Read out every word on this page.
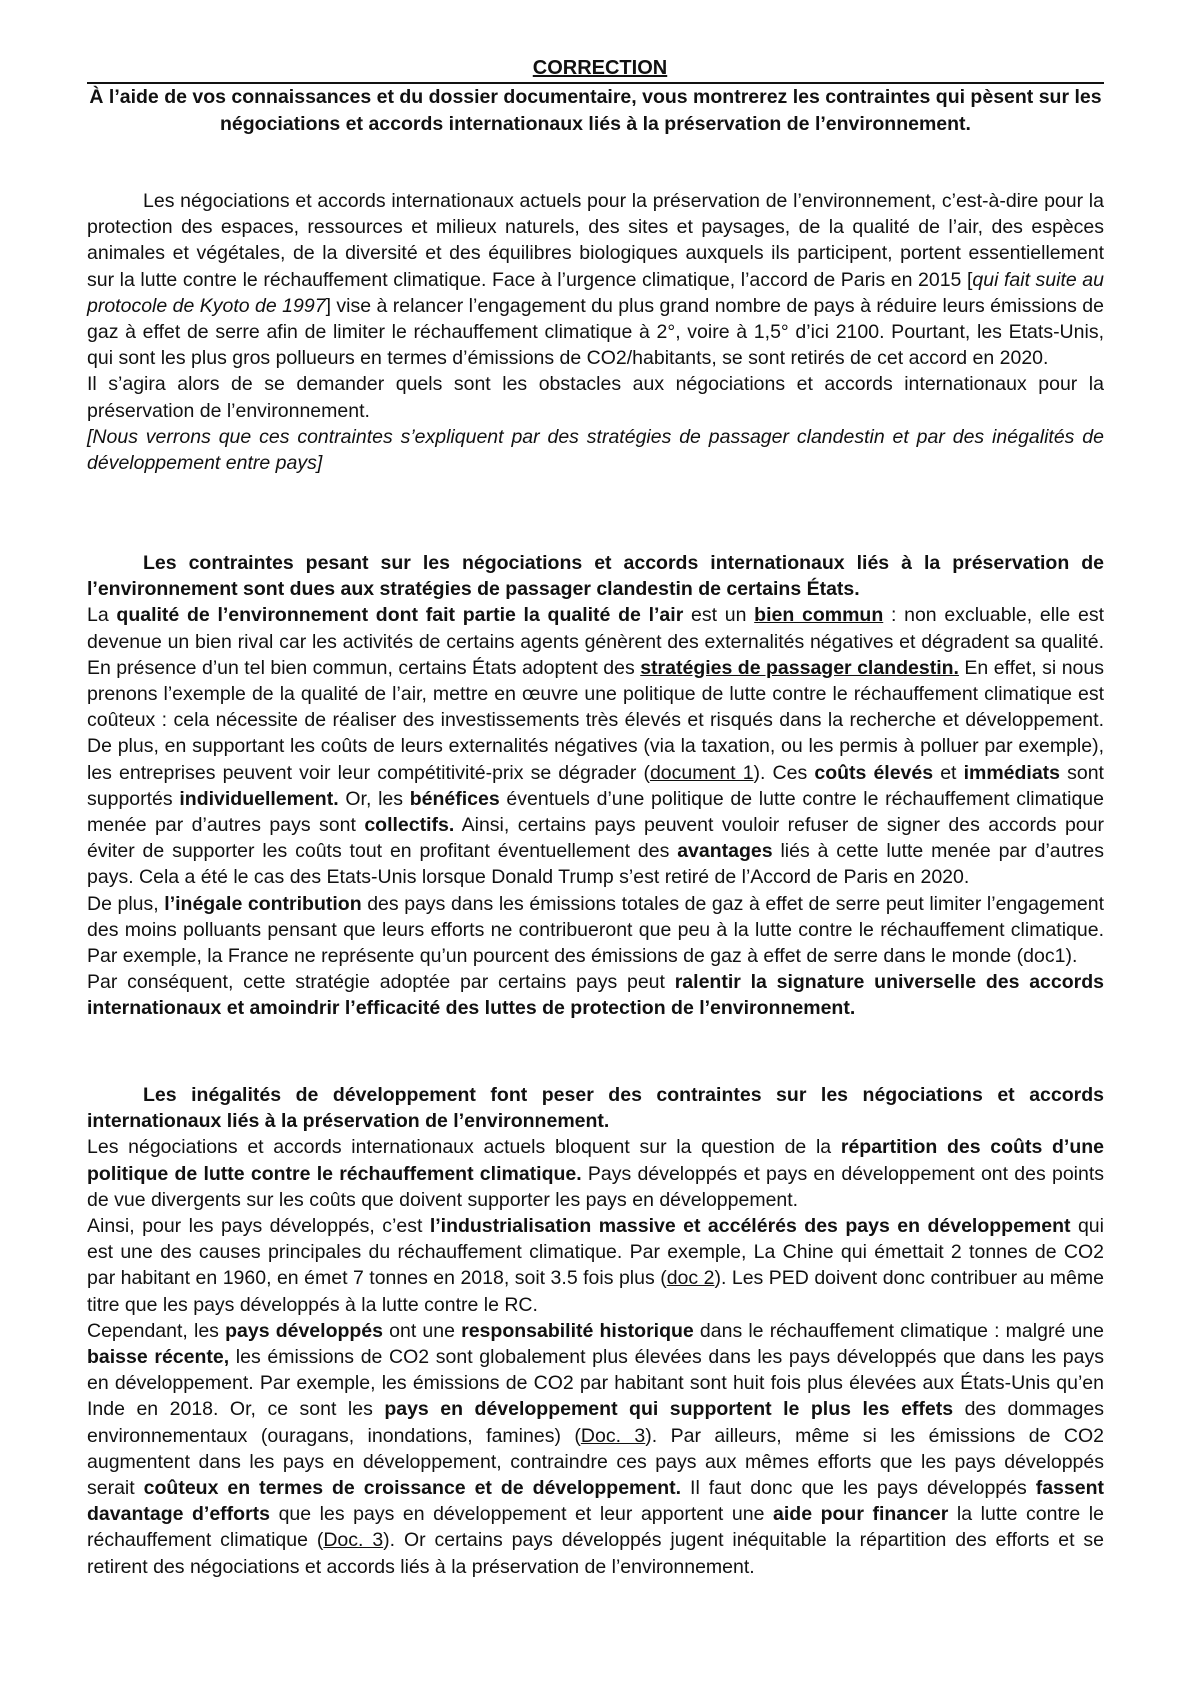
CORRECTION
À l’aide de vos connaissances et du dossier documentaire, vous montrerez les contraintes qui pèsent sur les négociations et accords internationaux liés à la préservation de l’environnement.

Les négociations et accords internationaux actuels pour la préservation de l’environnement, c’est-à-dire pour la protection des espaces, ressources et milieux naturels, des sites et paysages, de la qualité de l’air, des espèces animales et végétales, de la diversité et des équilibres biologiques auxquels ils participent, portent essentiellement sur la lutte contre le réchauffement climatique. Face à l’urgence climatique, l’accord de Paris en 2015 [qui fait suite au protocole de Kyoto de 1997] vise à relancer l’engagement du plus grand nombre de pays à réduire leurs émissions de gaz à effet de serre afin de limiter le réchauffement climatique à 2°, voire à 1,5° d’ici 2100. Pourtant, les Etats-Unis, qui sont les plus gros pollueurs en termes d’émissions de CO2/habitants, se sont retirés de cet accord en 2020.

Il s’agira alors de se demander quels sont les obstacles aux négociations et accords internationaux pour la préservation de l’environnement.

[Nous verrons que ces contraintes s’expliquent par des stratégies de passager clandestin et par des inégalités de développement entre pays]

Les contraintes pesant sur les négociations et accords internationaux liés à la préservation de l’environnement sont dues aux stratégies de passager clandestin de certains États.

La qualité de l’environnement dont fait partie la qualité de l’air est un bien commun : non excluable, elle est devenue un bien rival car les activités de certains agents génèrent des externalités négatives et dégradent sa qualité. En présence d’un tel bien commun, certains États adoptent des stratégies de passager clandestin. En effet, si nous prenons l’exemple de la qualité de l’air, mettre en œuvre une politique de lutte contre le réchauffement climatique est coûteux : cela nécessite de réaliser des investissements très élevés et risqués dans la recherche et développement. De plus, en supportant les coûts de leurs externalités négatives (via la taxation, ou les permis à polluer par exemple), les entreprises peuvent voir leur compétitivité-prix se dégrader (document 1). Ces coûts élevés et immédiats sont supportés individuellement. Or, les bénéfices éventuels d’une politique de lutte contre le réchauffement climatique menée par d’autres pays sont collectifs. Ainsi, certains pays peuvent vouloir refuser de signer des accords pour éviter de supporter les coûts tout en profitant éventuellement des avantages liés à cette lutte menée par d’autres pays. Cela a été le cas des Etats-Unis lorsque Donald Trump s’est retiré de l’Accord de Paris en 2020.

De plus, l’inégale contribution des pays dans les émissions totales de gaz à effet de serre peut limiter l’engagement des moins polluants pensant que leurs efforts ne contribueront que peu à la lutte contre le réchauffement climatique. Par exemple, la France ne représente qu’un pourcent des émissions de gaz à effet de serre dans le monde (doc1).

Par conséquent, cette stratégie adoptée par certains pays peut ralentir la signature universelle des accords internationaux et amoindrir l’efficacité des luttes de protection de l’environnement.

Les inégalités de développement font peser des contraintes sur les négociations et accords internationaux liés à la préservation de l’environnement.

Les négociations et accords internationaux actuels bloquent sur la question de la répartition des coûts d’une politique de lutte contre le réchauffement climatique. Pays développés et pays en développement ont des points de vue divergents sur les coûts que doivent supporter les pays en développement.

Ainsi, pour les pays développés, c’est l’industrialisation massive et accélérés des pays en développement qui est une des causes principales du réchauffement climatique. Par exemple, La Chine qui émettait 2 tonnes de CO2 par habitant en 1960, en émet 7 tonnes en 2018, soit 3.5 fois plus (doc 2). Les PED doivent donc contribuer au même titre que les pays développés à la lutte contre le RC.

Cependant, les pays développés ont une responsabilité historique dans le réchauffement climatique : malgré une baisse récente, les émissions de CO2 sont globalement plus élevées dans les pays développés que dans les pays en développement. Par exemple, les émissions de CO2 par habitant sont huit fois plus élevées aux États-Unis qu’en Inde en 2018. Or, ce sont les pays en développement qui supportent le plus les effets des dommages environnementaux (ouragans, inondations, famines) (Doc. 3). Par ailleurs, même si les émissions de CO2 augmentent dans les pays en développement, contraindre ces pays aux mêmes efforts que les pays développés serait coûteux en termes de croissance et de développement. Il faut donc que les pays développés fassent davantage d’efforts que les pays en développement et leur apportent une aide pour financer la lutte contre le réchauffement climatique (Doc. 3). Or certains pays développés jugent inéquitable la répartition des efforts et se retirent des négociations et accords liés à la préservation de l’environnement.
